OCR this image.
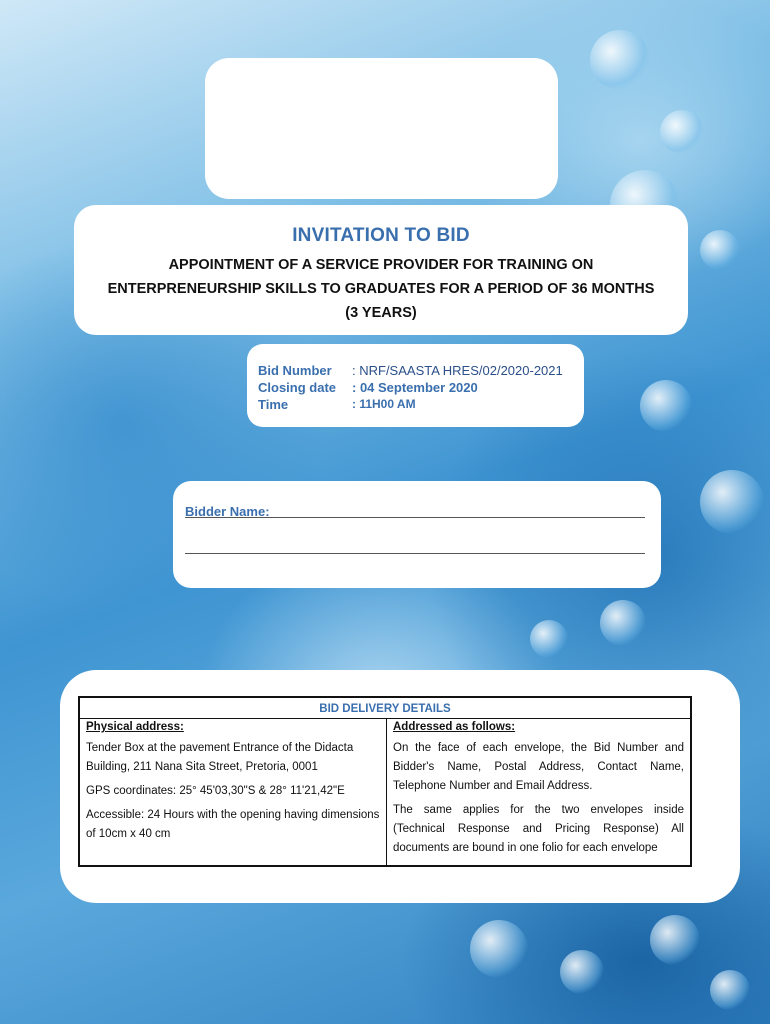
INVITATION TO BID
APPOINTMENT OF A SERVICE PROVIDER FOR TRAINING ON
ENTERPRENEURSHIP SKILLS TO GRADUATES FOR A PERIOD OF 36 MONTHS
(3 YEARS)
Bid Number	: NRF/SAASTA HRES/02/2020-2021
Closing date	: 04 September 2020
Time	: 11H00 AM
Bidder Name:
BID DELIVERY DETAILS

Physical address:

Tender Box at the pavement Entrance of the Didacta Building, 211 Nana Sita Street, Pretoria, 0001

GPS coordinates: 25° 45'03,30"S & 28° 11'21,42"E

Accessible: 24 Hours with the opening having dimensions of 10cm x 40 cm

Addressed as follows:

On the face of each envelope, the Bid Number and Bidder's Name, Postal Address, Contact Name, Telephone Number and Email Address.

The same applies for the two envelopes inside (Technical Response and Pricing Response) All documents are bound in one folio for each envelope
